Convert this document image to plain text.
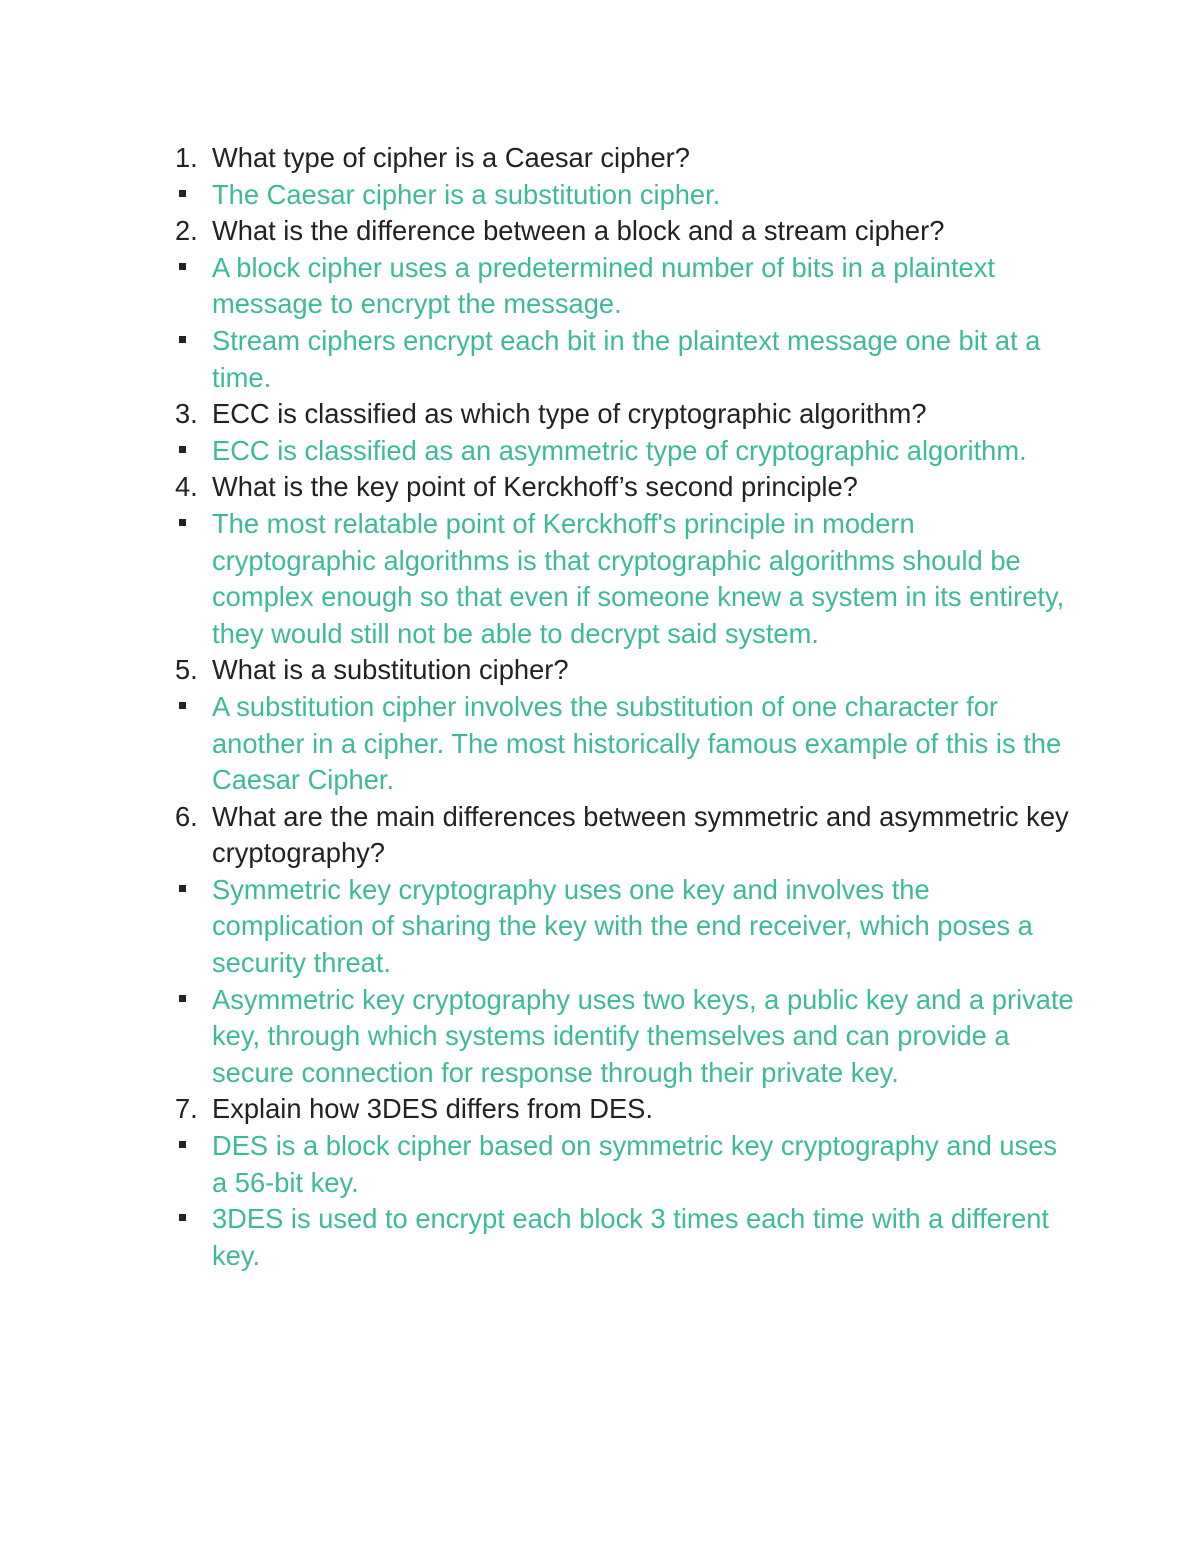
1. What type of cipher is a Caesar cipher?
The Caesar cipher is a substitution cipher.
2. What is the difference between a block and a stream cipher?
A block cipher uses a predetermined number of bits in a plaintext message to encrypt the message.
Stream ciphers encrypt each bit in the plaintext message one bit at a time.
3. ECC is classified as which type of cryptographic algorithm?
ECC is classified as an asymmetric type of cryptographic algorithm.
4. What is the key point of Kerckhoff’s second principle?
The most relatable point of Kerckhoff's principle in modern cryptographic algorithms is that cryptographic algorithms should be complex enough so that even if someone knew a system in its entirety, they would still not be able to decrypt said system.
5. What is a substitution cipher?
A substitution cipher involves the substitution of one character for another in a cipher. The most historically famous example of this is the Caesar Cipher.
6. What are the main differences between symmetric and asymmetric key cryptography?
Symmetric key cryptography uses one key and involves the complication of sharing the key with the end receiver, which poses a security threat.
Asymmetric key cryptography uses two keys, a public key and a private key, through which systems identify themselves and can provide a secure connection for response through their private key.
7. Explain how 3DES differs from DES.
DES is a block cipher based on symmetric key cryptography and uses a 56-bit key.
3DES is used to encrypt each block 3 times each time with a different key.
